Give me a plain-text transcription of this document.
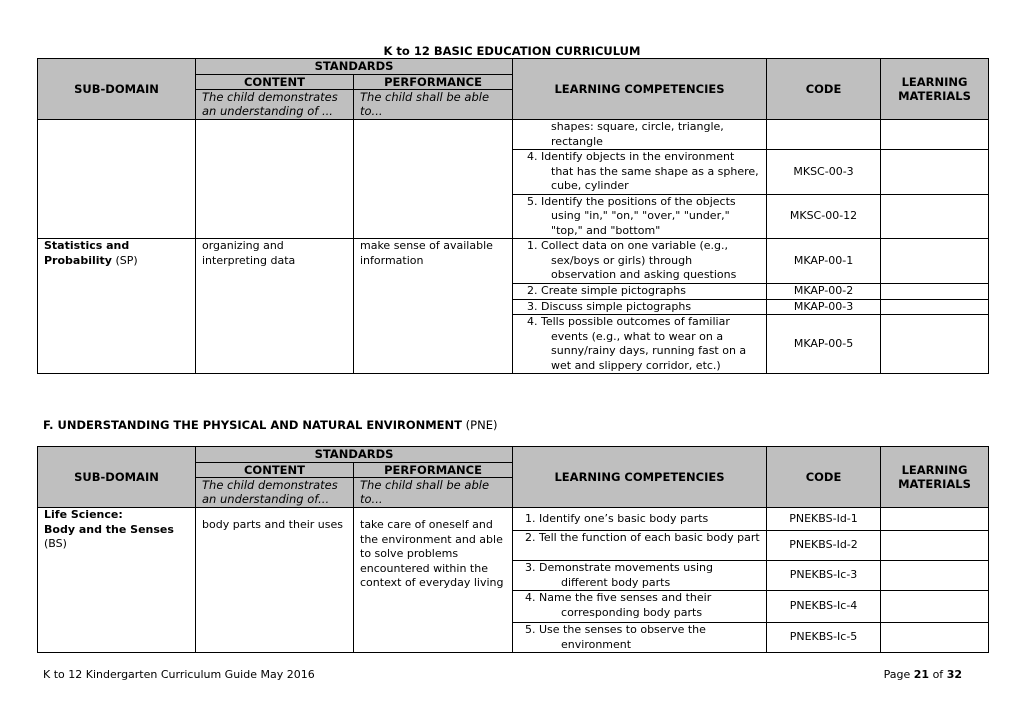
K to 12 BASIC EDUCATION CURRICULUM
SUB-DOMAIN	STANDARDS		LEARNING COMPETENCIES	CODE	LEARNING MATERIALS
	CONTENT	PERFORMANCE			
	The child demonstrates an understanding of ...	The child shall be able to...			
			shapes: square, circle, triangle, rectangle		
			4. Identify objects in the environment that has the same shape as a sphere, cube, cylinder	MKSC-00-3	
			5. Identify the positions of the objects using "in," "on," "over," "under," "top," and "bottom"	MKSC-00-12	
Statistics and Probability (SP)	organizing and interpreting data	make sense of available information	1. Collect data on one variable (e.g., sex/boys or girls) through observation and asking questions	MKAP-00-1	
			2. Create simple pictographs	MKAP-00-2	
			3. Discuss simple pictographs	MKAP-00-3	
			4. Tells possible outcomes of familiar events (e.g., what to wear on a sunny/rainy days, running fast on a wet and slippery corridor, etc.)	MKAP-00-5	
F. UNDERSTANDING THE PHYSICAL AND NATURAL ENVIRONMENT (PNE)
SUB-DOMAIN	STANDARDS		LEARNING COMPETENCIES	CODE	LEARNING MATERIALS
	CONTENT	PERFORMANCE			
	The child demonstrates an understanding of...	The child shall be able to...			

Life Science:
Body and the Senses
(BS)	body parts and their uses	take care of oneself and the environment and able to solve problems encountered within the context of everyday living	1. Identify one’s basic body parts	PNEKBS-Id-1	
			2. Tell the function of each basic body part	PNEKBS-Id-2	
			3. Demonstrate movements using different body parts	PNEKBS-Ic-3	
			4. Name the five senses and their corresponding body parts	PNEKBS-Ic-4	
			5. Use the senses to observe the environment	PNEKBS-Ic-5	
K to 12 Kindergarten Curriculum Guide May 2016	Page 21 of 32
